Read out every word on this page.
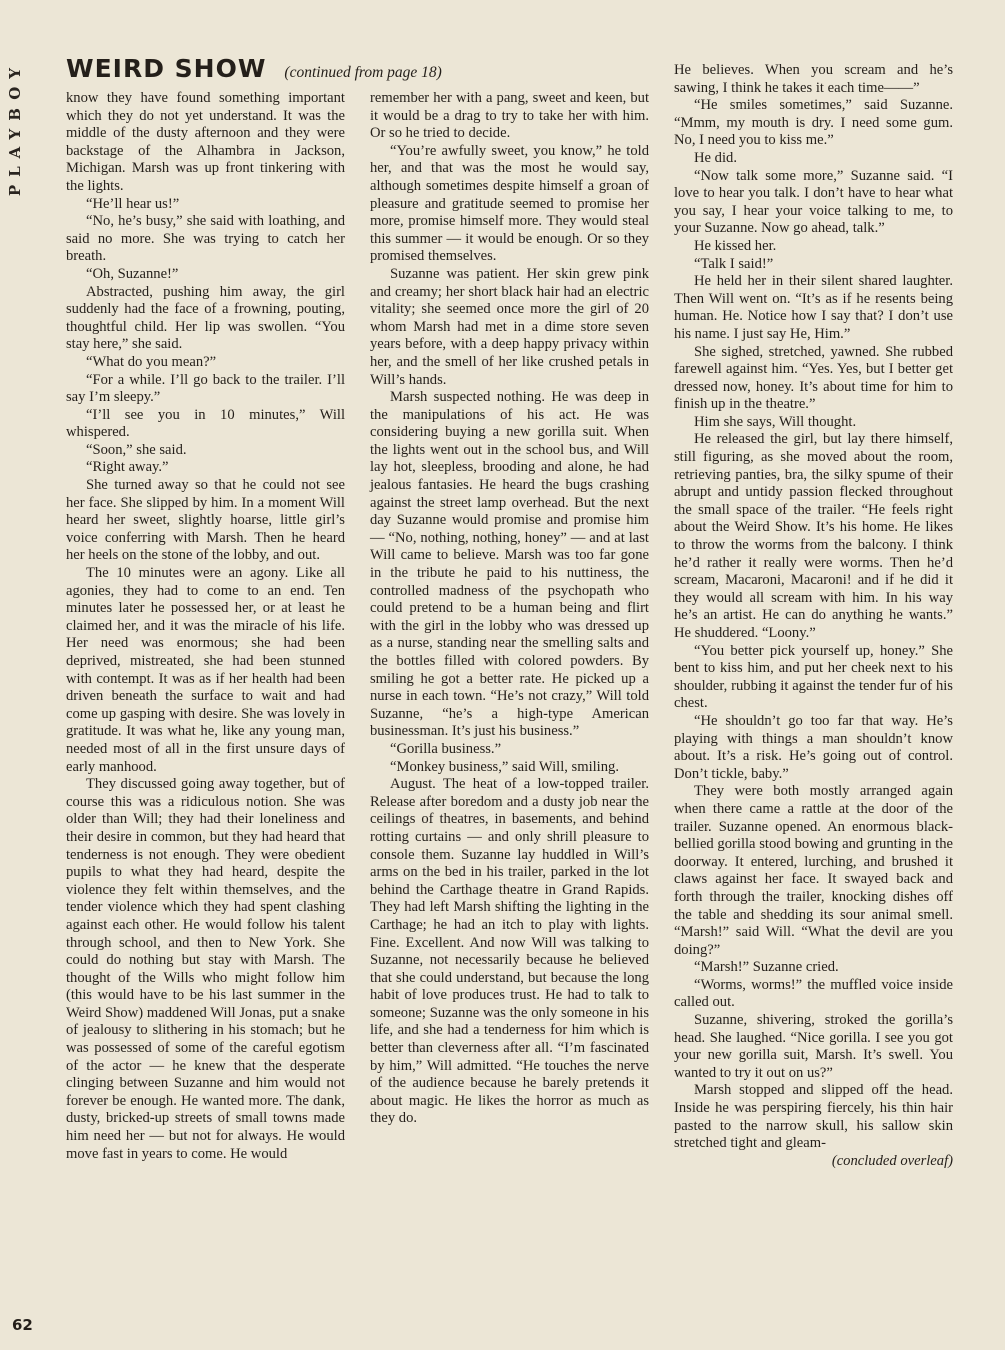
PLAYBOY WEIRD SHOW (continued from page 18)

know they have found something important which they do not yet understand. It was the middle of the dusty afternoon and they were backstage of the Alhambra in Jackson, Michigan. Marsh was up front tinkering with the lights.

“He’ll hear us!”

“No, he’s busy,” she said with loathing, and said no more. She was trying to catch her breath.

“Oh, Suzanne!”

Abstracted, pushing him away, the girl suddenly had the face of a frowning, pouting, thoughtful child. Her lip was swollen. “You stay here,” she said.

“What do you mean?”

“For a while. I’ll go back to the trailer. I’ll say I’m sleepy.”

“I’ll see you in 10 minutes,” Will whispered.

“Soon,” she said.

“Right away.”

She turned away so that he could not see her face. She slipped by him. In a moment Will heard her sweet, slightly hoarse, little girl’s voice conferring with Marsh. Then he heard her heels on the stone of the lobby, and out.

The 10 minutes were an agony. Like all agonies, they had to come to an end. Ten minutes later he possessed her, or at least he claimed her, and it was the miracle of his life. Her need was enormous; she had been deprived, mistreated, she had been stunned with contempt. It was as if her health had been driven beneath the surface to wait and had come up gasping with desire. She was lovely in gratitude. It was what he, like any young man, needed most of all in the first unsure days of early manhood.

They discussed going away together, but of course this was a ridiculous notion. She was older than Will; they had their loneliness and their desire in common, but they had heard that tenderness is not enough. They were obedient pupils to what they had heard, despite the violence they felt within themselves, and the tender violence which they had spent clashing against each other. He would follow his talent through school, and then to New York. She could do nothing but stay with Marsh. The thought of the Wills who might follow him (this would have to be his last summer in the Weird Show) maddened Will Jonas, put a snake of jealousy to slithering in his stomach; but he was possessed of some of the careful egotism of the actor — he knew that the desperate clinging between Suzanne and him would not forever be enough. He wanted more. The dank, dusty, bricked-up streets of small towns made him need her — but not for always. He would move fast in years to come. He would

remember her with a pang, sweet and keen, but it would be a drag to try to take her with him. Or so he tried to decide.

“You’re awfully sweet, you know,” he told her, and that was the most he would say, although sometimes despite himself a groan of pleasure and gratitude seemed to promise her more, promise himself more. They would steal this summer — it would be enough. Or so they promised themselves.

Suzanne was patient. Her skin grew pink and creamy; her short black hair had an electric vitality; she seemed once more the girl of 20 whom Marsh had met in a dime store seven years before, with a deep happy privacy within her, and the smell of her like crushed petals in Will’s hands.

Marsh suspected nothing. He was deep in the manipulations of his act. He was considering buying a new gorilla suit. When the lights went out in the school bus, and Will lay hot, sleepless, brooding and alone, he had jealous fantasies. He heard the bugs crashing against the street lamp overhead. But the next day Suzanne would promise and promise him — “No, nothing, nothing, honey” — and at last Will came to believe. Marsh was too far gone in the tribute he paid to his nuttiness, the controlled madness of the psychopath who could pretend to be a human being and flirt with the girl in the lobby who was dressed up as a nurse, standing near the smelling salts and the bottles filled with colored powders. By smiling he got a better rate. He picked up a nurse in each town. “He’s not crazy,” Will told Suzanne, “he’s a high-type American businessman. It’s just his business.”

“Gorilla business.”

“Monkey business,” said Will, smiling.

August. The heat of a low-topped trailer. Release after boredom and a dusty job near the ceilings of theatres, in basements, and behind rotting curtains — and only shrill pleasure to console them. Suzanne lay huddled in Will’s arms on the bed in his trailer, parked in the lot behind the Carthage theatre in Grand Rapids. They had left Marsh shifting the lighting in the Carthage; he had an itch to play with lights. Fine. Excellent. And now Will was talking to Suzanne, not necessarily because he believed that she could understand, but because the long habit of love produces trust. He had to talk to someone; Suzanne was the only someone in his life, and she had a tenderness for him which is better than cleverness after all. “I’m fascinated by him,” Will admitted. “He touches the nerve of the audience because he barely pretends it about magic. He likes the horror as much as they do.

He believes. When you scream and he’s sawing, I think he takes it each time——”

“He smiles sometimes,” said Suzanne. “Mmm, my mouth is dry. I need some gum. No, I need you to kiss me.”

He did.

“Now talk some more,” Suzanne said. “I love to hear you talk. I don’t have to hear what you say, I hear your voice talking to me, to your Suzanne. Now go ahead, talk.”

He kissed her.

“Talk I said!”

He held her in their silent shared laughter. Then Will went on. “It’s as if he resents being human. He. Notice how I say that? I don’t use his name. I just say He, Him.”

She sighed, stretched, yawned. She rubbed farewell against him. “Yes. Yes, but I better get dressed now, honey. It’s about time for him to finish up in the theatre.”

Him she says, Will thought.

He released the girl, but lay there himself, still figuring, as she moved about the room, retrieving panties, bra, the silky spume of their abrupt and untidy passion flecked throughout the small space of the trailer. “He feels right about the Weird Show. It’s his home. He likes to throw the worms from the balcony. I think he’d rather it really were worms. Then he’d scream, Macaroni, Macaroni! and if he did it they would all scream with him. In his way he’s an artist. He can do anything he wants.” He shuddered. “Loony.”

“You better pick yourself up, honey.” She bent to kiss him, and put her cheek next to his shoulder, rubbing it against the tender fur of his chest.

“He shouldn’t go too far that way. He’s playing with things a man shouldn’t know about. It’s a risk. He’s going out of control. Don’t tickle, baby.”

They were both mostly arranged again when there came a rattle at the door of the trailer. Suzanne opened. An enormous black-bellied gorilla stood bowing and grunting in the doorway. It entered, lurching, and brushed it claws against her face. It swayed back and forth through the trailer, knocking dishes off the table and shedding its sour animal smell. “Marsh!” said Will. “What the devil are you doing?”

“Marsh!” Suzanne cried.

“Worms, worms!” the muffled voice inside called out.

Suzanne, shivering, stroked the gorilla’s head. She laughed. “Nice gorilla. I see you got your new gorilla suit, Marsh. It’s swell. You wanted to try it out on us?”

Marsh stopped and slipped off the head. Inside he was perspiring fiercely, his thin hair pasted to the narrow skull, his sallow skin stretched tight and gleam-

(concluded overleaf)

62
